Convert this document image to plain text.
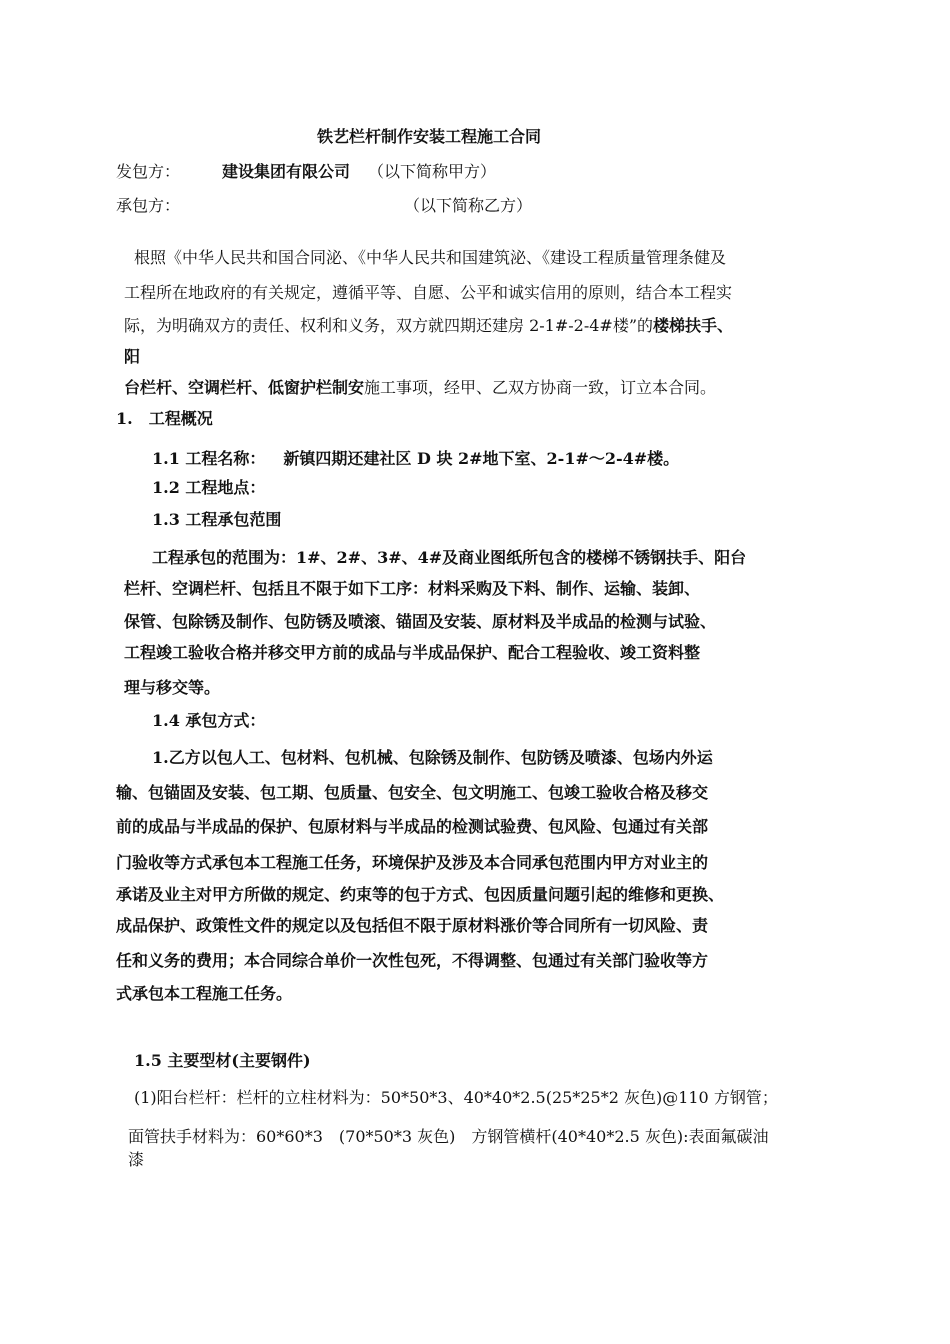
铁艺栏杆制作安装工程施工合同
发包方：	建设集团有限公司 （以下简称甲方）
承包方：	（以下简称乙方）
根照《中华人民共和国合同泌、《中华人民共和国建筑泌、《建设工程质量管理条健及
工程所在地政府的有关规定，遵循平等、自愿、公平和诚实信用的原则，结合本工程实
际，为明确双方的责任、权利和义务，双方就四期还建房 2-1#-2-4#楼”的楼梯扶手、
阳
台栏杆、空调栏杆、低窗护栏制安施工事项，经甲、乙双方协商一致，订立本合同。
1. 工程概况
1.1 工程名称： 新镇四期还建社区 D 块 2#地下室、2-1#～2-4#楼。
1.2 工程地点：
1.3 工程承包范围
工程承包的范围为：1#、2#、3#、4#及商业图纸所包含的楼梯不锈钢扶手、阳台
栏杆、空调栏杆、包括且不限于如下工序：材料采购及下料、制作、运输、装卸、
保管、包除锈及制作、包防锈及喷滚、锚固及安装、原材料及半成品的检测与试验、
工程竣工验收合格并移交甲方前的成品与半成品保护、配合工程验收、竣工资料整
理与移交等。
1.4 承包方式：
1.乙方以包人工、包材料、包机械、包除锈及制作、包防锈及喷漆、包场内外运
输、包锚固及安装、包工期、包质量、包安全、包文明施工、包竣工验收合格及移交
前的成品与半成品的保护、包原材料与半成品的检测试验费、包风险、包通过有关部
门验收等方式承包本工程施工任务，环境保护及涉及本合同承包范围内甲方对业主的
承诺及业主对甲方所做的规定、约束等的包于方式、包因质量问题引起的维修和更换、
成品保护、政策性文件的规定以及包括但不限于原材料涨价等合同所有一切风险、责
任和义务的费用；本合同综合单价一次性包死，不得调整、包通过有关部门验收等方
式承包本工程施工任务。
1.5 主要型材(主要钢件)
(1)阳台栏杆：栏杆的立柱材料为：50*50*3、40*40*2.5(25*25*2 灰色)@110 方钢管；
面管扶手材料为：60*60*3　(70*50*3 灰色)　方钢管横杆(40*40*2.5 灰色):表面氟碳油
漆
